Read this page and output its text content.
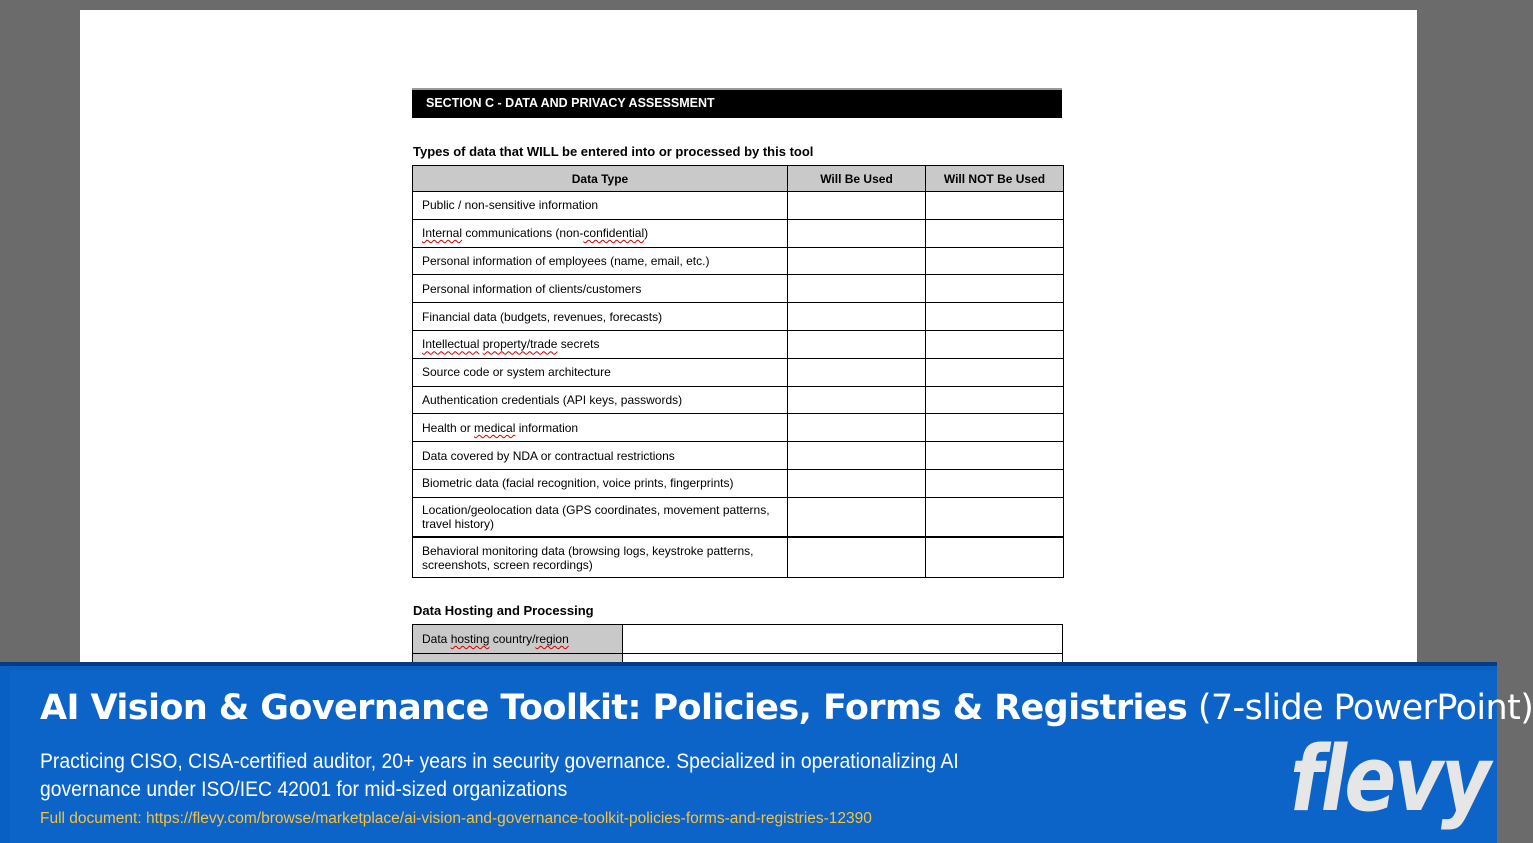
SECTION C - DATA AND PRIVACY ASSESSMENT
Types of data that WILL be entered into or processed by this tool
Data Type	Will Be Used	Will NOT Be Used
Public / non-sensitive information		
Internal communications (non-confidential)		
Personal information of employees (name, email, etc.)		
Personal information of clients/customers		
Financial data (budgets, revenues, forecasts)		
Intellectual property/trade secrets		
Source code or system architecture		
Authentication credentials (API keys, passwords)		
Health or medical information		
Data covered by NDA or contractual restrictions		
Biometric data (facial recognition, voice prints, fingerprints)		
Location/geolocation data (GPS coordinates, movement patterns, travel history)		
Behavioral monitoring data (browsing logs, keystroke patterns, screenshots, screen recordings)		
Data Hosting and Processing
Data hosting country/region	

AI Vision & Governance Toolkit: Policies, Forms & Registries (7-slide PowerPoint)
Practicing CISO, CISA-certified auditor, 20+ years in security governance. Specialized in operationalizing AI governance under ISO/IEC 42001 for mid-sized organizations
Full document: https://flevy.com/browse/marketplace/ai-vision-and-governance-toolkit-policies-forms-and-registries-12390	flevy
